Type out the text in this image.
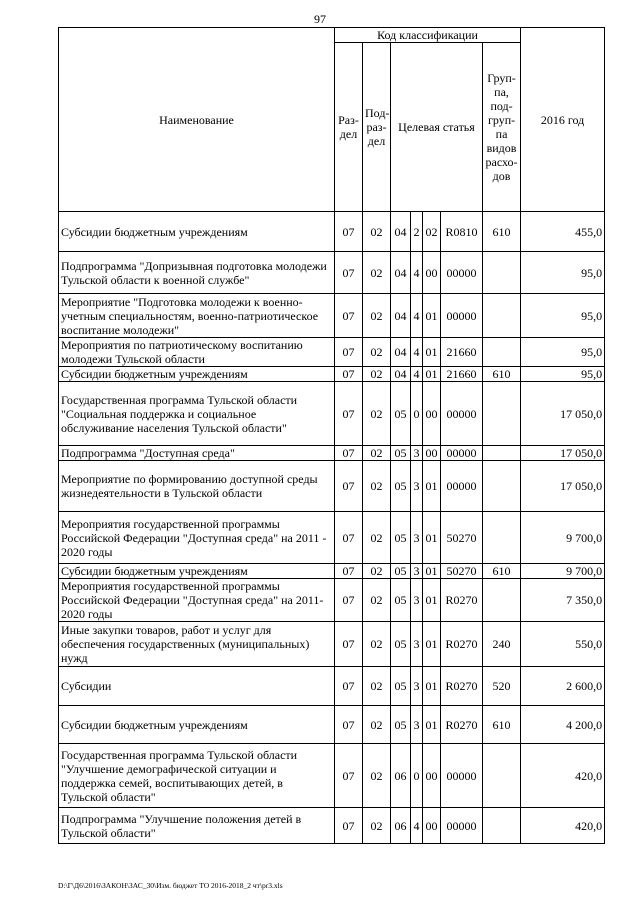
97
Наименование	Код классификации							2016 год
	Раз-дел	Под-раз-дел	Целевая статья				Груп-па, под-груп-па видов расхо-дов	
Субсидии бюджетным учреждениям	07	02	04	2	02	R0810	610	455,0
Подпрограмма "Допризывная подготовка молодежи Тульской области к военной службе"	07	02	04	4	00	00000		95,0
Мероприятие "Подготовка молодежи к военно-учетным специальностям, военно-патриотическое воспитание молодежи"	07	02	04	4	01	00000		95,0
Мероприятия по патриотическому воспитанию молодежи Тульской области	07	02	04	4	01	21660		95,0
Субсидии бюджетным учреждениям	07	02	04	4	01	21660	610	95,0
Государственная программа Тульской области "Социальная поддержка и социальное обслуживание населения Тульской области"	07	02	05	0	00	00000		17 050,0
Подпрограмма "Доступная среда"	07	02	05	3	00	00000		17 050,0
Мероприятие по формированию доступной среды жизнедеятельности в Тульской области	07	02	05	3	01	00000		17 050,0
Мероприятия государственной программы Российской Федерации "Доступная среда" на 2011 - 2020 годы	07	02	05	3	01	50270		9 700,0
Субсидии бюджетным учреждениям	07	02	05	3	01	50270	610	9 700,0
Мероприятия государственной программы Российской Федерации "Доступная среда" на 2011-2020 годы	07	02	05	3	01	R0270		7 350,0
Иные закупки товаров, работ и услуг для обеспечения государственных (муниципальных) нужд	07	02	05	3	01	R0270	240	550,0
Субсидии	07	02	05	3	01	R0270	520	2 600,0
Субсидии бюджетным учреждениям	07	02	05	3	01	R0270	610	4 200,0
Государственная программа Тульской области "Улучшение демографической ситуации и поддержка семей, воспитывающих детей, в Тульской области"	07	02	06	0	00	00000		420,0
Подпрограмма "Улучшение положения детей в Тульской области"	07	02	06	4	00	00000		420,0
D:\Г\Д6\2016\ЗАКОН\ЗАС_30\Изм. бюджет ТО 2016-2018_2 чт\pr3.xls
